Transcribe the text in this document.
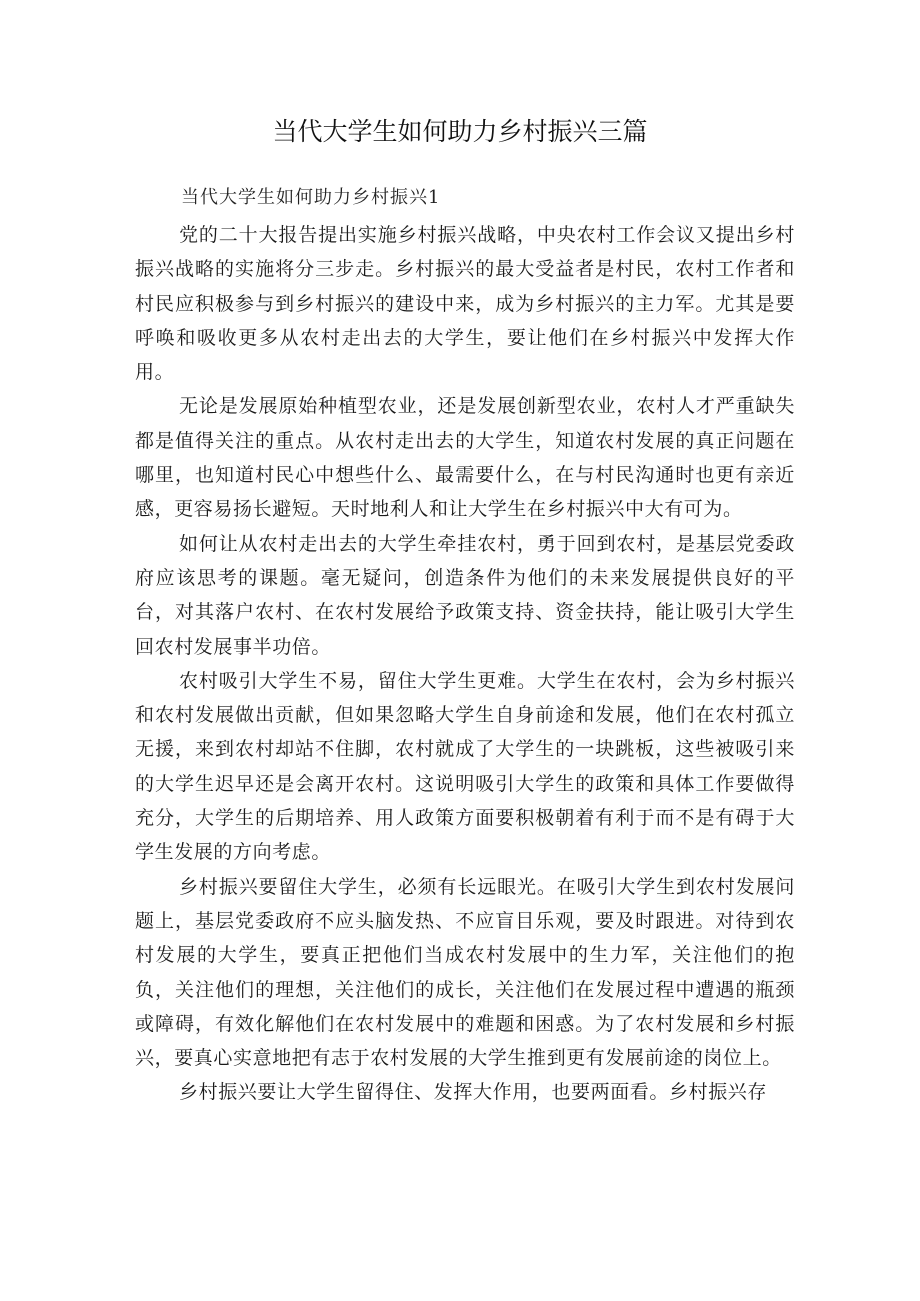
当代大学生如何助力乡村振兴三篇
当代大学生如何助力乡村振兴1

党的二十大报告提出实施乡村振兴战略，中央农村工作会议又提出乡村振兴战略的实施将分三步走。乡村振兴的最大受益者是村民，农村工作者和村民应积极参与到乡村振兴的建设中来，成为乡村振兴的主力军。尤其是要呼唤和吸收更多从农村走出去的大学生，要让他们在乡村振兴中发挥大作用。

无论是发展原始种植型农业，还是发展创新型农业，农村人才严重缺失都是值得关注的重点。从农村走出去的大学生，知道农村发展的真正问题在哪里，也知道村民心中想些什么、最需要什么，在与村民沟通时也更有亲近感，更容易扬长避短。天时地利人和让大学生在乡村振兴中大有可为。

如何让从农村走出去的大学生牵挂农村，勇于回到农村，是基层党委政府应该思考的课题。毫无疑问，创造条件为他们的未来发展提供良好的平台，对其落户农村、在农村发展给予政策支持、资金扶持，能让吸引大学生回农村发展事半功倍。

农村吸引大学生不易，留住大学生更难。大学生在农村，会为乡村振兴和农村发展做出贡献，但如果忽略大学生自身前途和发展，他们在农村孤立无援，来到农村却站不住脚，农村就成了大学生的一块跳板，这些被吸引来的大学生迟早还是会离开农村。这说明吸引大学生的政策和具体工作要做得充分，大学生的后期培养、用人政策方面要积极朝着有利于而不是有碍于大学生发展的方向考虑。

乡村振兴要留住大学生，必须有长远眼光。在吸引大学生到农村发展问题上，基层党委政府不应头脑发热、不应盲目乐观，要及时跟进。对待到农村发展的大学生，要真正把他们当成农村发展中的生力军，关注他们的抱负，关注他们的理想，关注他们的成长，关注他们在发展过程中遭遇的瓶颈或障碍，有效化解他们在农村发展中的难题和困惑。为了农村发展和乡村振兴，要真心实意地把有志于农村发展的大学生推到更有发展前途的岗位上。

乡村振兴要让大学生留得住、发挥大作用，也要两面看。乡村振兴存
